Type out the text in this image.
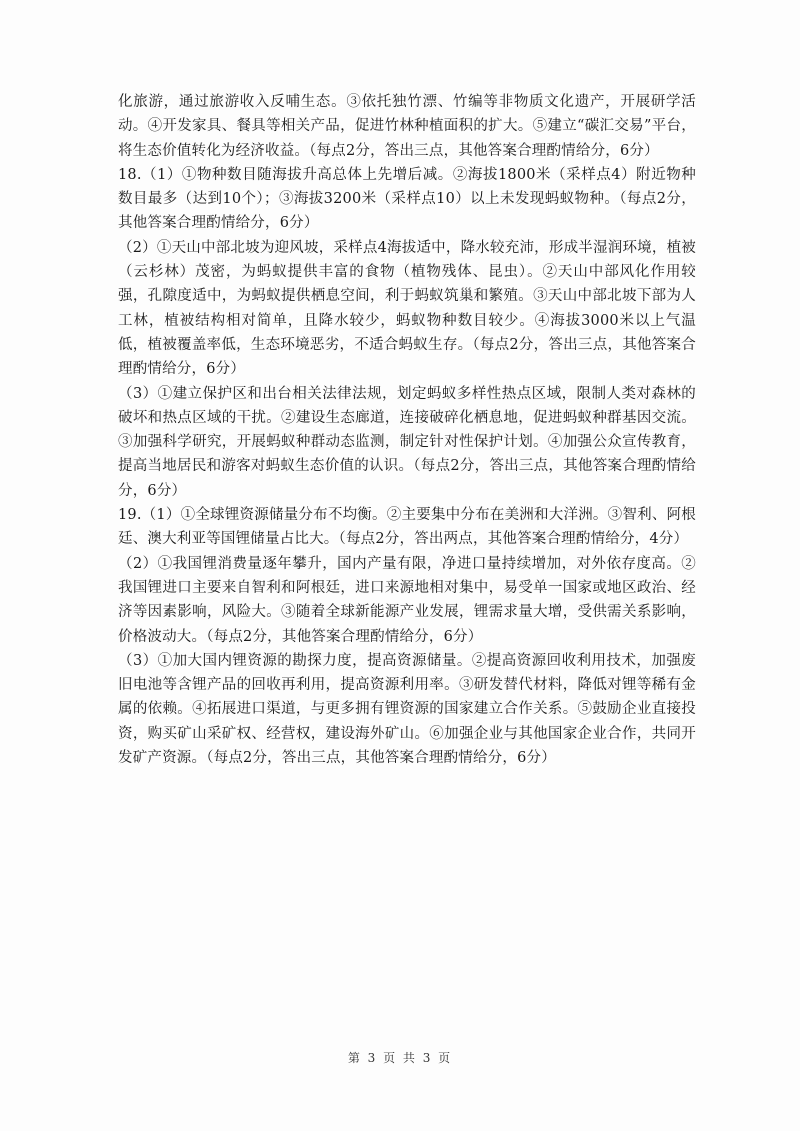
化旅游，通过旅游收入反哺生态。③依托独竹漂、竹编等非物质文化遗产，开展研学活动。④开发家具、餐具等相关产品，促进竹林种植面积的扩大。⑤建立“碳汇交易”平台，将生态价值转化为经济收益。（每点2分，答出三点，其他答案合理酌情给分，6分）

18.（1）①物种数目随海拔升高总体上先增后减。②海拔1800米（采样点4）附近物种数目最多（达到10个）；③海拔3200米（采样点10）以上未发现蚂蚁物种。（每点2分，其他答案合理酌情给分，6分）

（2）①天山中部北坡为迎风坡，采样点4海拔适中，降水较充沛，形成半湿润环境，植被（云杉林）茂密，为蚂蚁提供丰富的食物（植物残体、昆虫）。②天山中部风化作用较强，孔隙度适中，为蚂蚁提供栖息空间，利于蚂蚁筑巢和繁殖。③天山中部北坡下部为人工林，植被结构相对简单，且降水较少，蚂蚁物种数目较少。④海拔3000米以上气温低，植被覆盖率低，生态环境恶劣，不适合蚂蚁生存。（每点2分，答出三点，其他答案合理酌情给分，6分）

（3）①建立保护区和出台相关法律法规，划定蚂蚁多样性热点区域，限制人类对森林的破坏和热点区域的干扰。②建设生态廊道，连接破碎化栖息地，促进蚂蚁种群基因交流。③加强科学研究，开展蚂蚁种群动态监测，制定针对性保护计划。④加强公众宣传教育，提高当地居民和游客对蚂蚁生态价值的认识。（每点2分，答出三点，其他答案合理酌情给分，6分）

19.（1）①全球锂资源储量分布不均衡。②主要集中分布在美洲和大洋洲。③智利、阿根廷、澳大利亚等国锂储量占比大。（每点2分，答出两点，其他答案合理酌情给分，4分）

（2）①我国锂消费量逐年攀升，国内产量有限，净进口量持续增加，对外依存度高。②我国锂进口主要来自智利和阿根廷，进口来源地相对集中，易受单一国家或地区政治、经济等因素影响，风险大。③随着全球新能源产业发展，锂需求量大增，受供需关系影响，价格波动大。（每点2分，其他答案合理酌情给分，6分）

（3）①加大国内锂资源的勘探力度，提高资源储量。②提高资源回收利用技术，加强废旧电池等含锂产品的回收再利用，提高资源利用率。③研发替代材料，降低对锂等稀有金属的依赖。④拓展进口渠道，与更多拥有锂资源的国家建立合作关系。⑤鼓励企业直接投资，购买矿山采矿权、经营权，建设海外矿山。⑥加强企业与其他国家企业合作，共同开发矿产资源。（每点2分，答出三点，其他答案合理酌情给分，6分）

第 3 页 共 3 页
